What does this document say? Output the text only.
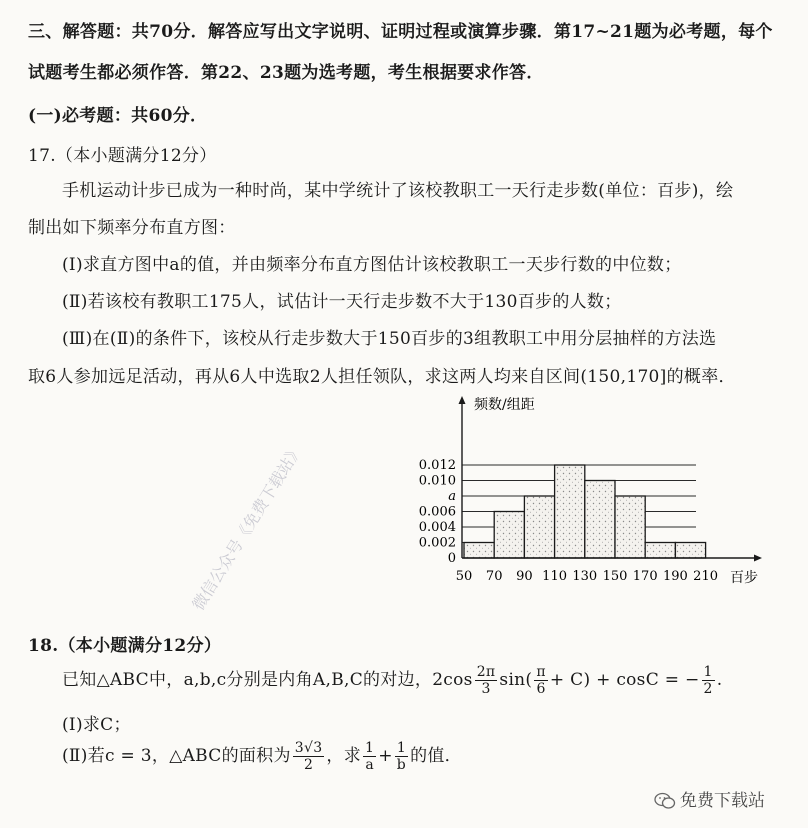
三、解答题：共70分．解答应写出文字说明、证明过程或演算步骤．第17~21题为必考题，每个
试题考生都必须作答．第22、23题为选考题，考生根据要求作答．
(一)必考题：共60分．
17.（本小题满分12分）
手机运动计步已成为一种时尚，某中学统计了该校教职工一天行走步数(单位：百步)，绘
制出如下频率分布直方图：
(Ⅰ)求直方图中a的值，并由频率分布直方图估计该校教职工一天步行数的中位数；
(Ⅱ)若该校有教职工175人，试估计一天行走步数不大于130百步的人数；
(Ⅲ)在(Ⅱ)的条件下，该校从行走步数大于150百步的3组教职工中用分层抽样的方法选
取6人参加远足活动，再从6人中选取2人担任领队，求这两人均来自区间(150,170]的概率．
频数/组距
百步
0
0.002
0.004
0.006
a
0.010
0.012
50 70 90 110 130 150 170 190 210
18.（本小题满分12分）
已知△ABC中，a,b,c分别是内角A,B,C的对边，$2\cos \frac{2\pi}{3} \sin( \frac{\pi}{6} + C) + \cos C$ = − $\frac{1}{2}$ .
(Ⅰ)求C；
(Ⅱ)若c = 3，△ABC的面积为 $\frac{3√3}{2}$ ，求 $\frac{1}{a} + \frac{1}{b}$ 的值．
微信公众号《免费下载站》
免费下载站
